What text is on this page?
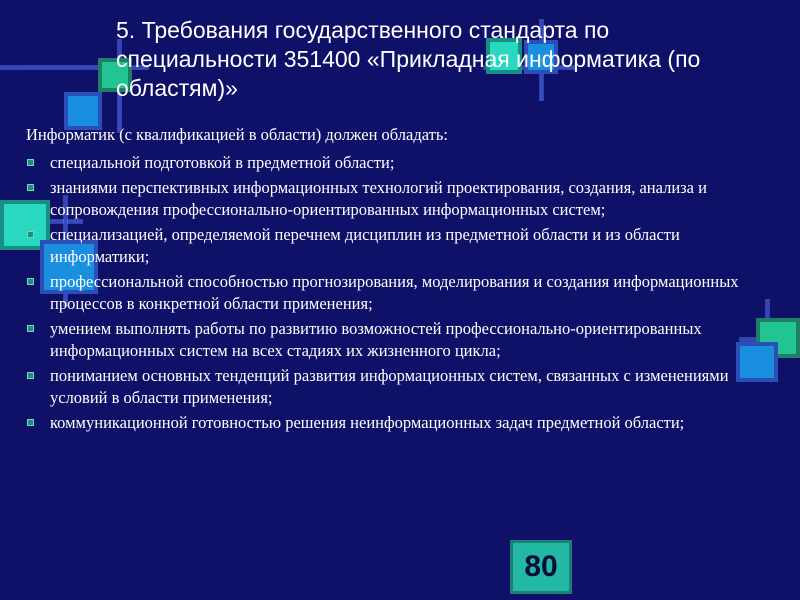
5. Требования государственного стандарта по специальности 351400 «Прикладная информатика (по областям)»

Информатик (с квалификацией в области) должен обладать:

специальной подготовкой в предметной области;
знаниями перспективных информационных технологий проектирования, создания, анализа и сопровождения профессионально-ориентированных информационных систем;
специализацией, определяемой перечнем дисциплин из предметной области и из области информатики;
профессиональной способностью прогнозирования, моделирования и создания информационных процессов в конкретной области применения;
умением выполнять работы по развитию возможностей профессионально-ориентированных информационных систем на всех стадиях их жизненного цикла;
пониманием основных тенденций развития информационных систем, связанных с изменениями условий в области применения;
коммуникационной готовностью решения неинформационных задач предметной области;
80
